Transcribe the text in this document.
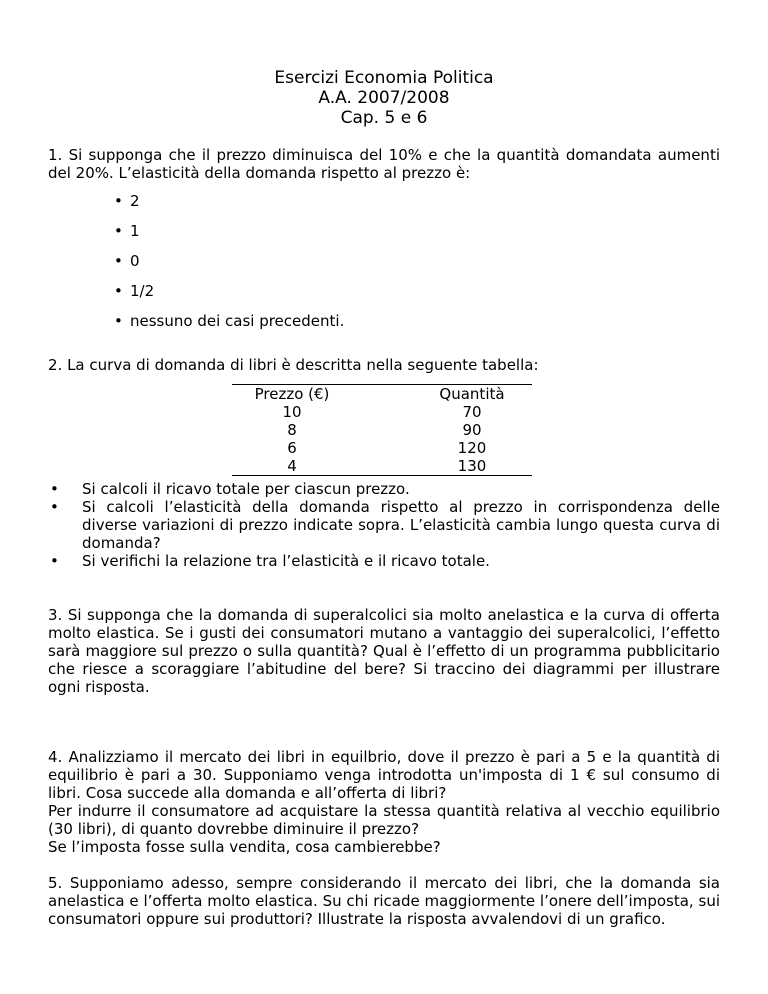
Esercizi Economia Politica
A.A. 2007/2008
Cap. 5 e 6

1. Si supponga che il prezzo diminuisca del 10% e che la quantità domandata aumenti del 20%. L’elasticità della domanda rispetto al prezzo è:

• 2
• 1
• 0
• 1/2
• nessuno dei casi precedenti.

2. La curva di domanda di libri è descritta nella seguente tabella:

Prezzo (€)		Quantità
10		70
8		90
6		120
4		130
• Si calcoli il ricavo totale per ciascun prezzo.
• Si calcoli l’elasticità della domanda rispetto al prezzo in corrispondenza delle diverse variazioni di prezzo indicate sopra. L’elasticità cambia lungo questa curva di domanda?
• Si verifichi la relazione tra l’elasticità e il ricavo totale.

3. Si supponga che la domanda di superalcolici sia molto anelastica e la curva di offerta molto elastica. Se i gusti dei consumatori mutano a vantaggio dei superalcolici, l’effetto sarà maggiore sul prezzo o sulla quantità? Qual è l’effetto di un programma pubblicitario che riesce a scoraggiare l’abitudine del bere? Si traccino dei diagrammi per illustrare ogni risposta.

4. Analizziamo il mercato dei libri in equilbrio, dove il prezzo è pari a 5 e la quantità di equilibrio è pari a 30. Supponiamo venga introdotta un'imposta di 1 € sul consumo di libri. Cosa succede alla domanda e all’offerta di libri?

Per indurre il consumatore ad acquistare la stessa quantità relativa al vecchio equilibrio (30 libri), di quanto dovrebbe diminuire il prezzo?

Se l’imposta fosse sulla vendita, cosa cambierebbe?

5. Supponiamo adesso, sempre considerando il mercato dei libri, che la domanda sia anelastica e l’offerta molto elastica. Su chi ricade maggiormente l’onere dell’imposta, sui consumatori oppure sui produttori? Illustrate la risposta avvalendovi di un grafico.
